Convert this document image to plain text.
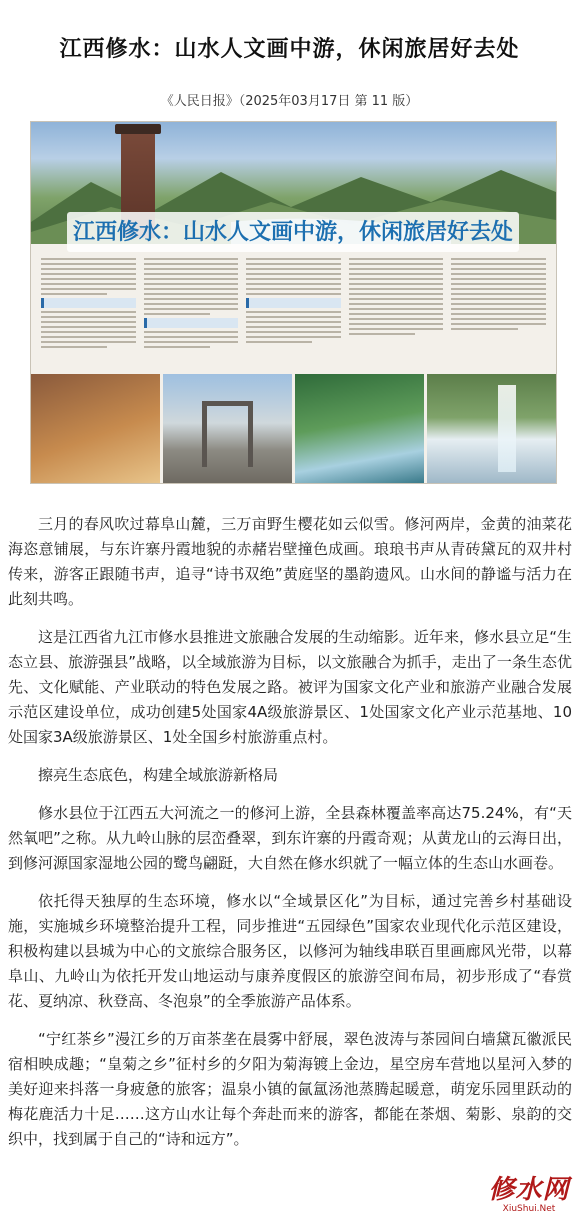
江西修水：山水人文画中游，休闲旅居好去处
《人民日报》（2025年03月17日 第 11 版）
江西修水：山水人文画中游，休闲旅居好去处

三月的春风吹过幕阜山麓，三万亩野生樱花如云似雪。修河两岸，金黄的油菜花海恣意铺展，与东许寨丹霞地貌的赤赭岩壁撞色成画。琅琅书声从青砖黛瓦的双井村传来，游客正跟随书声，追寻“诗书双绝”黄庭坚的墨韵遗风。山水间的静谧与活力在此刻共鸣。

这是江西省九江市修水县推进文旅融合发展的生动缩影。近年来，修水县立足“生态立县、旅游强县”战略，以全域旅游为目标，以文旅融合为抓手，走出了一条生态优先、文化赋能、产业联动的特色发展之路。被评为国家文化产业和旅游产业融合发展示范区建设单位，成功创建5处国家4A级旅游景区、1处国家文化产业示范基地、10处国家3A级旅游景区、1处全国乡村旅游重点村。

擦亮生态底色，构建全域旅游新格局

修水县位于江西五大河流之一的修河上游，全县森林覆盖率高达75.24%，有“天然氧吧”之称。从九岭山脉的层峦叠翠，到东许寨的丹霞奇观；从黄龙山的云海日出，到修河源国家湿地公园的鹭鸟翩跹，大自然在修水织就了一幅立体的生态山水画卷。

依托得天独厚的生态环境，修水以“全域景区化”为目标，通过完善乡村基础设施，实施城乡环境整治提升工程，同步推进“五园绿色”国家农业现代化示范区建设，积极构建以县城为中心的文旅综合服务区，以修河为轴线串联百里画廊风光带，以幕阜山、九岭山为依托开发山地运动与康养度假区的旅游空间布局，初步形成了“春赏花、夏纳凉、秋登高、冬泡泉”的全季旅游产品体系。

“宁红茶乡”漫江乡的万亩茶垄在晨雾中舒展，翠色波涛与茶园间白墙黛瓦徽派民宿相映成趣；“皇菊之乡”征村乡的夕阳为菊海镀上金边，星空房车营地以星河入梦的美好迎来抖落一身疲惫的旅客；温泉小镇的氤氲汤池蒸腾起暖意，萌宠乐园里跃动的梅花鹿活力十足……这方山水让每个奔赴而来的游客，都能在茶烟、菊影、泉韵的交织中，找到属于自己的“诗和远方”。

修水网
XiuShui.Net
